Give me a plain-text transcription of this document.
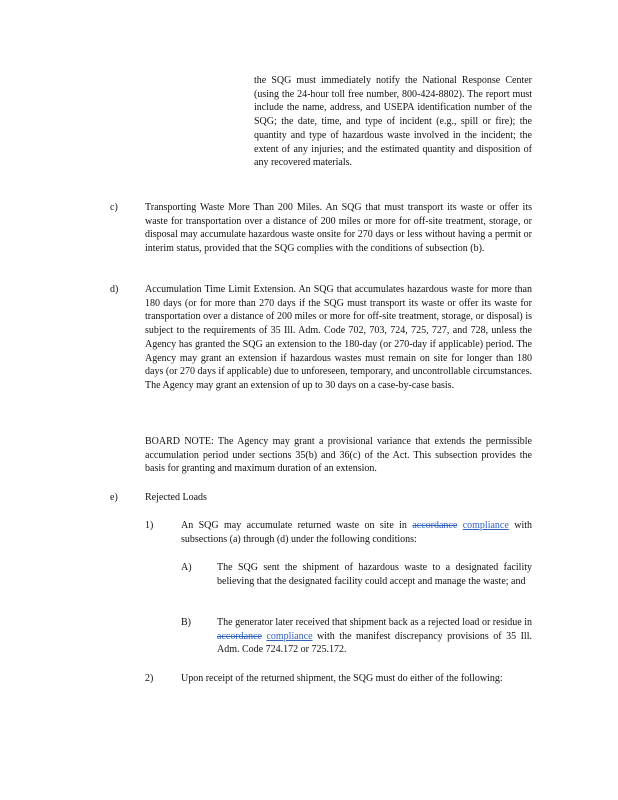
the SQG must immediately notify the National Response Center (using the 24-hour toll free number, 800-424-8802). The report must include the name, address, and USEPA identification number of the SQG; the date, time, and type of incident (e.g., spill or fire); the quantity and type of hazardous waste involved in the incident; the extent of any injuries; and the estimated quantity and disposition of any recovered materials.
c)	Transporting Waste More Than 200 Miles. An SQG that must transport its waste or offer its waste for transportation over a distance of 200 miles or more for off-site treatment, storage, or disposal may accumulate hazardous waste onsite for 270 days or less without having a permit or interim status, provided that the SQG complies with the conditions of subsection (b).
d)	Accumulation Time Limit Extension. An SQG that accumulates hazardous waste for more than 180 days (or for more than 270 days if the SQG must transport its waste or offer its waste for transportation over a distance of 200 miles or more for off-site treatment, storage, or disposal) is subject to the requirements of 35 Ill. Adm. Code 702, 703, 724, 725, 727, and 728, unless the Agency has granted the SQG an extension to the 180-day (or 270-day if applicable) period. The Agency may grant an extension if hazardous wastes must remain on site for longer than 180 days (or 270 days if applicable) due to unforeseen, temporary, and uncontrollable circumstances. The Agency may grant an extension of up to 30 days on a case-by-case basis.
BOARD NOTE: The Agency may grant a provisional variance that extends the permissible accumulation period under sections 35(b) and 36(c) of the Act. This subsection provides the basis for granting and maximum duration of an extension.
e)	Rejected Loads
1)	An SQG may accumulate returned waste on site in accordance compliance with subsections (a) through (d) under the following conditions:
A)	The SQG sent the shipment of hazardous waste to a designated facility believing that the designated facility could accept and manage the waste; and
B)	The generator later received that shipment back as a rejected load or residue in accordance compliance with the manifest discrepancy provisions of 35 Ill. Adm. Code 724.172 or 725.172.
2)	Upon receipt of the returned shipment, the SQG must do either of the following:
